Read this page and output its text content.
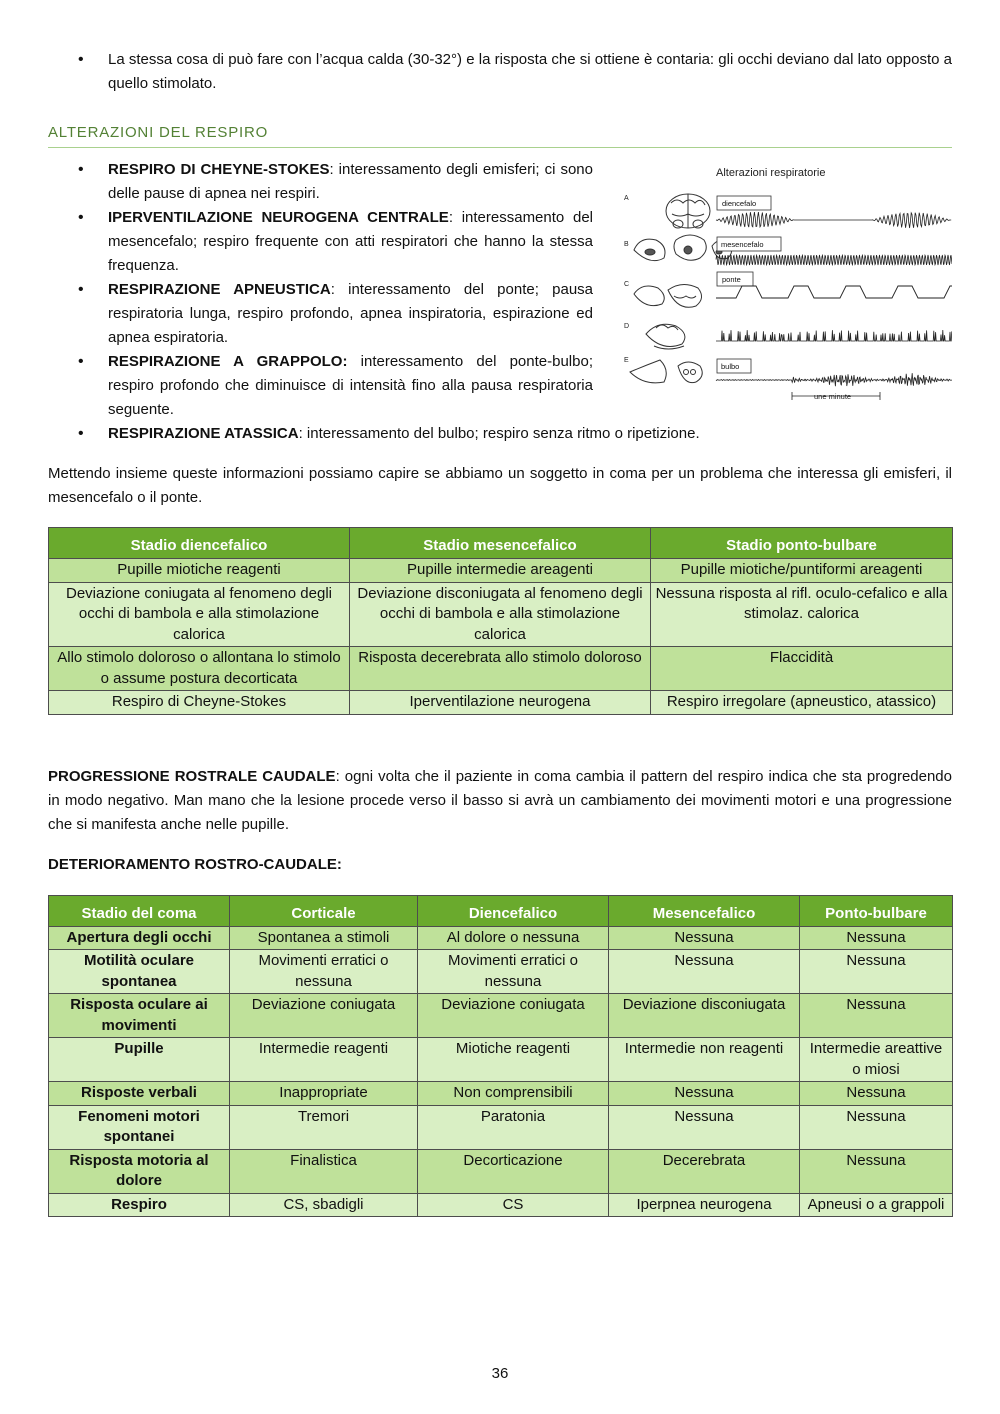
• La stessa cosa di può fare con l’acqua calda (30-32°) e la risposta che si ottiene è contaria: gli occhi deviano dal lato opposto a quello stimolato.
ALTERAZIONI DEL RESPIRO
• RESPIRO DI CHEYNE-STOKES: interessamento degli emisferi; ci sono delle pause di apnea nei respiri.
• IPERVENTILAZIONE NEUROGENA CENTRALE: interessamento del mesencefalo; respiro frequente con atti respiratori che hanno la stessa frequenza.
• RESPIRAZIONE APNEUSTICA: interessamento del ponte; pausa respiratoria lunga, respiro profondo, apnea inspiratoria, espirazione ed apnea espiratoria.
• RESPIRAZIONE A GRAPPOLO: interessamento del ponte-bulbo; respiro profondo che diminuisce di intensità fino alla pausa respiratoria seguente.
• RESPIRAZIONE ATASSICA: interessamento del bulbo; respiro senza ritmo o ripetizione.
Alterazioni respiratorie
A
B
C
D
E
diencefalo
mesencefalo
ponte
bulbo
une minute

Mettendo insieme queste informazioni possiamo capire se abbiamo un soggetto in coma per un problema che interessa gli emisferi, il mesencefalo o il ponte.

Stadio diencefalico	Stadio mesencefalico	Stadio ponto-bulbare
Pupille miotiche reagenti	Pupille intermedie areagenti	Pupille miotiche/puntiformi areagenti
Deviazione coniugata al fenomeno degli occhi di bambola e alla stimolazione calorica	Deviazione disconiugata al fenomeno degli occhi di bambola e alla stimolazione calorica	Nessuna risposta al rifl. oculo-cefalico e alla stimolaz. calorica
Allo stimolo doloroso o allontana lo stimolo o assume postura decorticata	Risposta decerebrata allo stimolo doloroso	Flaccidità
Respiro di Cheyne-Stokes	Iperventilazione neurogena	Respiro irregolare (apneustico, atassico)

PROGRESSIONE ROSTRALE CAUDALE: ogni volta che il paziente in coma cambia il pattern del respiro indica che sta progredendo in modo negativo. Man mano che la lesione procede verso il basso si avrà un cambiamento dei movimenti motori e una progressione che si manifesta anche nelle pupille.

DETERIORAMENTO ROSTRO-CAUDALE:
Stadio del coma	Corticale	Diencefalico	Mesencefalico	Ponto-bulbare
Apertura degli occhi	Spontanea a stimoli	Al dolore o nessuna	Nessuna	Nessuna
Motilità oculare spontanea	Movimenti erratici o nessuna	Movimenti erratici o nessuna	Nessuna	Nessuna
Risposta oculare ai movimenti	Deviazione coniugata	Deviazione coniugata	Deviazione disconiugata	Nessuna
Pupille	Intermedie reagenti	Miotiche reagenti	Intermedie non reagenti	Intermedie areattive o miosi
Risposte verbali	Inappropriate	Non comprensibili	Nessuna	Nessuna
Fenomeni motori spontanei	Tremori	Paratonia	Nessuna	Nessuna
Risposta motoria al dolore	Finalistica	Decorticazione	Decerebrata	Nessuna
Respiro	CS, sbadigli	CS	Iperpnea neurogena	Apneusi o a grappoli
36
